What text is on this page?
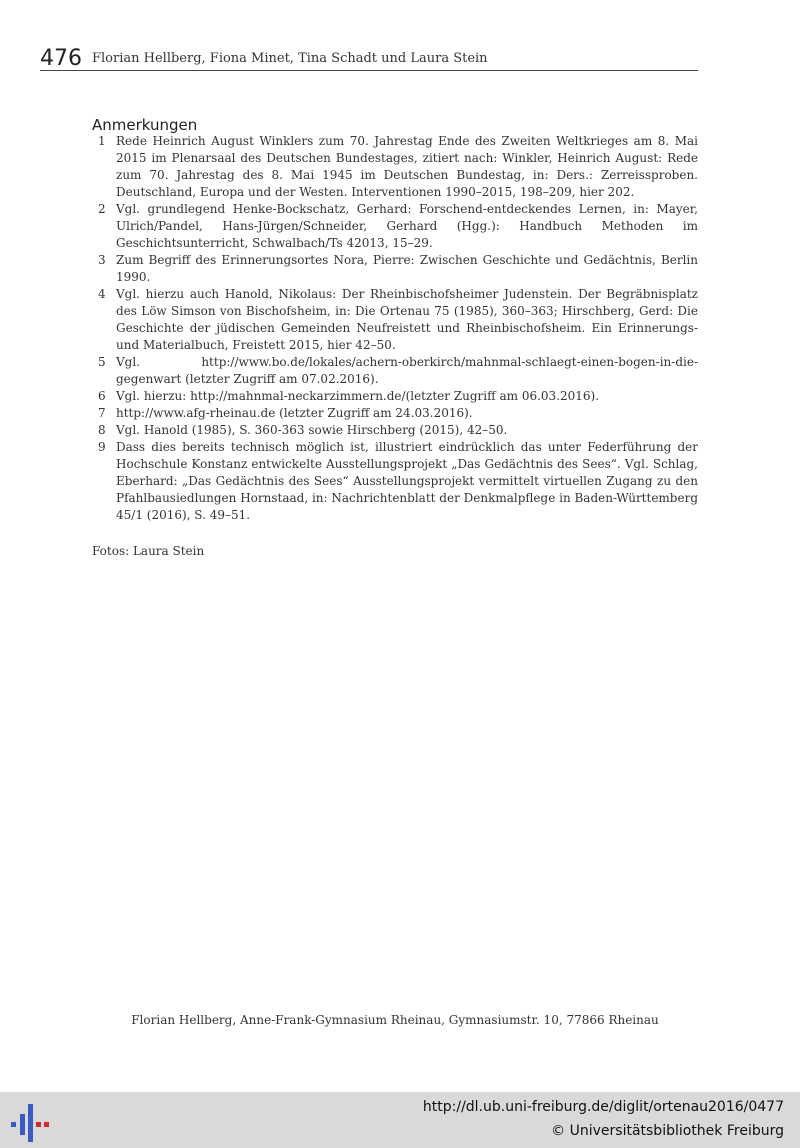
476 Florian Hellberg, Fiona Minet, Tina Schadt und Laura Stein
Anmerkungen
1 Rede Heinrich August Winklers zum 70. Jahrestag Ende des Zweiten Weltkrieges am 8. Mai 2015 im Plenarsaal des Deutschen Bundestages, zitiert nach: Winkler, Heinrich August: Rede zum 70. Jahrestag des 8. Mai 1945 im Deutschen Bundestag, in: Ders.: Zerreissproben. Deutschland, Europa und der Westen. Interventionen 1990–2015, 198–209, hier 202.
2 Vgl. grundlegend Henke-Bockschatz, Gerhard: Forschend-entdeckendes Lernen, in: Mayer, Ulrich/Pandel, Hans-Jürgen/Schneider, Gerhard (Hgg.): Handbuch Methoden im Geschichtsunterricht, Schwalbach/Ts 42013, 15–29.
3 Zum Begriff des Erinnerungsortes Nora, Pierre: Zwischen Geschichte und Gedächtnis, Berlin 1990.
4 Vgl. hierzu auch Hanold, Nikolaus: Der Rheinbischofsheimer Judenstein. Der Begräbnisplatz des Löw Simson von Bischofsheim, in: Die Ortenau 75 (1985), 360–363; Hirschberg, Gerd: Die Geschichte der jüdischen Gemeinden Neufreistett und Rheinbischofsheim. Ein Erinnerungs- und Materialbuch, Freistett 2015, hier 42–50.
5 Vgl. http://www.bo.de/lokales/achern-oberkirch/mahnmal-schlaegt-einen-bogen-in-die-gegenwart (letzter Zugriff am 07.02.2016).
6 Vgl. hierzu: http://mahnmal-neckarzimmern.de/(letzter Zugriff am 06.03.2016).
7 http://www.afg-rheinau.de (letzter Zugriff am 24.03.2016).
8 Vgl. Hanold (1985), S. 360-363 sowie Hirschberg (2015), 42–50.
9 Dass dies bereits technisch möglich ist, illustriert eindrücklich das unter Federführung der Hochschule Konstanz entwickelte Ausstellungsprojekt „Das Gedächtnis des Sees“. Vgl. Schlag, Eberhard: „Das Gedächtnis des Sees“ Ausstellungsprojekt vermittelt virtuellen Zugang zu den Pfahlbausiedlungen Hornstaad, in: Nachrichtenblatt der Denkmalpflege in Baden-Württemberg 45/1 (2016), S. 49–51.
Fotos: Laura Stein
Florian Hellberg, Anne-Frank-Gymnasium Rheinau, Gymnasiumstr. 10, 77866 Rheinau
http://dl.ub.uni-freiburg.de/diglit/ortenau2016/0477
© Universitätsbibliothek Freiburg
